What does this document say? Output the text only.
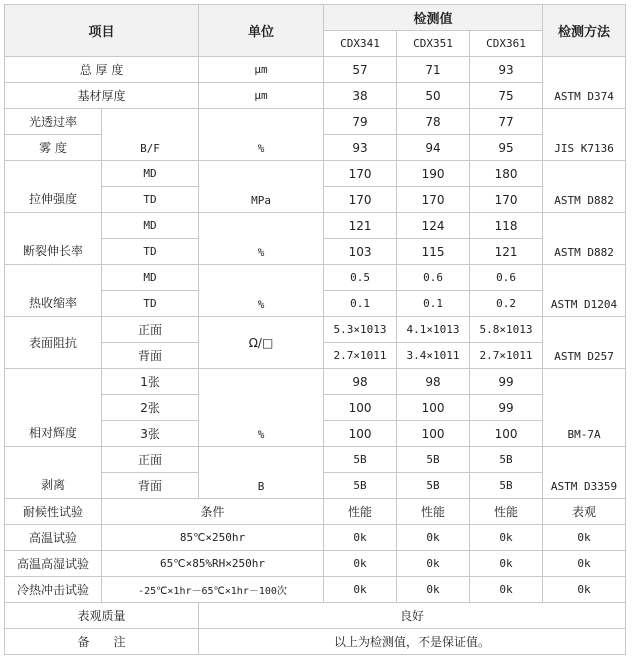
项目		单位	检测值			检测方法
			CDX341	CDX351	CDX361	
总 厚 度		μm	57	71	93	ASTM D374
基材厚度		μm	38	50	75	
光透过率	B/F	%	79	78	77	JIS K7136
雾 度			93	94	95	
拉伸强度	MD	MPa	170	190	180	ASTM D882
	TD		170	170	170	
断裂伸长率	MD	%	121	124	118	ASTM D882
	TD		103	115	121	
热收缩率	MD	%	0.5	0.6	0.6	ASTM D1204
	TD		0.1	0.1	0.2	
表面阻抗	正面	Ω/□	5.3×1013	4.1×1013	5.8×1013	ASTM D257
	背面		2.7×1011	3.4×1011	2.7×1011	
相对辉度	1张	%	98	98	99	BM-7A
	2张		100	100	99	
	3张		100	100	100	
剥离	正面	B	5B	5B	5B	ASTM D3359
	背面		5B	5B	5B	
耐候性试验	条件		性能	性能	性能	表观
高温试验	85℃×250hr		0k	0k	0k	0k
高温高湿试验	65℃×85%RH×250hr		0k	0k	0k	0k
冷热冲击试验	-25℃×1hr－65℃×1hr－100次		0k	0k	0k	0k
表观质量		良好				
备　　注		以上为检测值，不是保证值。				
